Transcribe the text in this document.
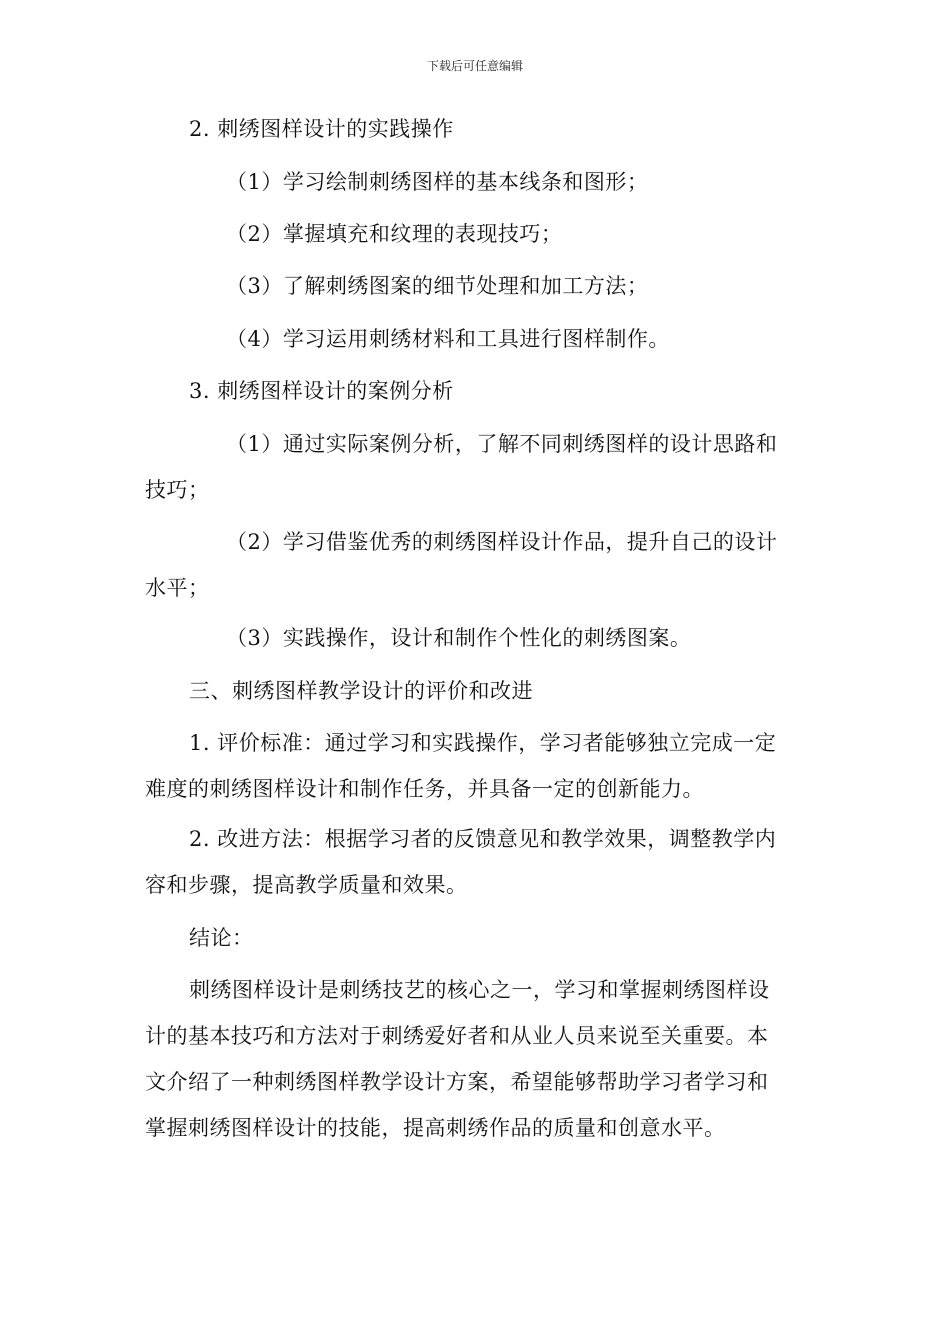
下载后可任意编辑
2. 刺绣图样设计的实践操作
（1）学习绘制刺绣图样的基本线条和图形；
（2）掌握填充和纹理的表现技巧；
（3）了解刺绣图案的细节处理和加工方法；
（4）学习运用刺绣材料和工具进行图样制作。
3. 刺绣图样设计的案例分析
（1）通过实际案例分析，了解不同刺绣图样的设计思路和
技巧；
（2）学习借鉴优秀的刺绣图样设计作品，提升自己的设计
水平；
（3）实践操作，设计和制作个性化的刺绣图案。
三、刺绣图样教学设计的评价和改进
1. 评价标准：通过学习和实践操作，学习者能够独立完成一定
难度的刺绣图样设计和制作任务，并具备一定的创新能力。
2. 改进方法：根据学习者的反馈意见和教学效果，调整教学内
容和步骤，提高教学质量和效果。
结论：
刺绣图样设计是刺绣技艺的核心之一，学习和掌握刺绣图样设
计的基本技巧和方法对于刺绣爱好者和从业人员来说至关重要。本
文介绍了一种刺绣图样教学设计方案，希望能够帮助学习者学习和
掌握刺绣图样设计的技能，提高刺绣作品的质量和创意水平。
